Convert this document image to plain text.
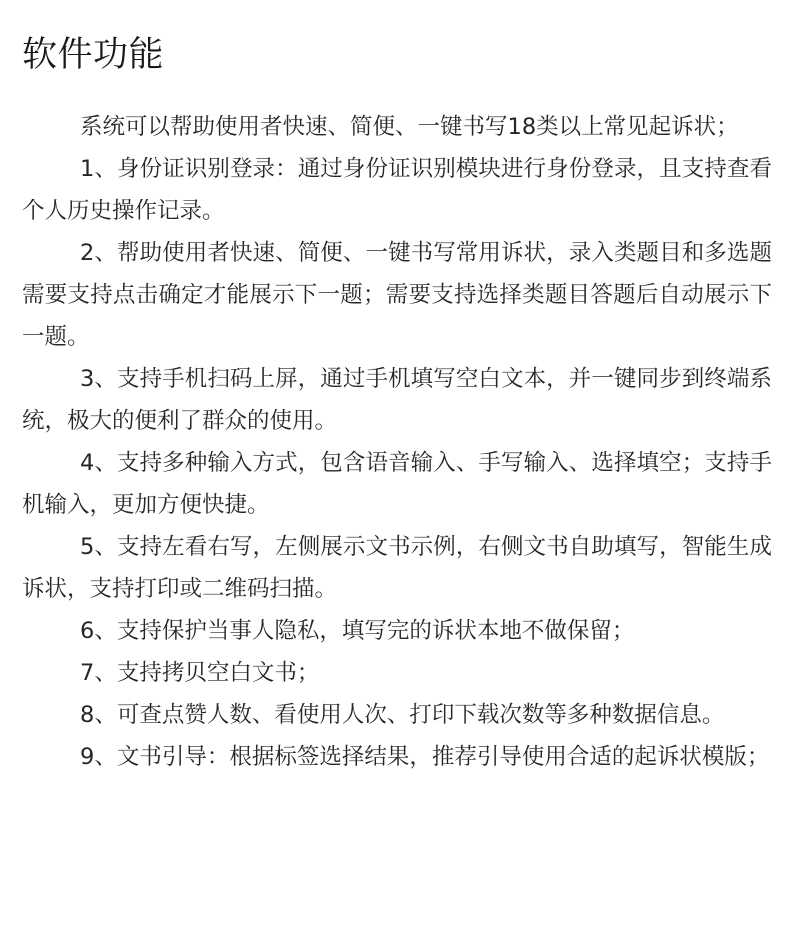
软件功能

系统可以帮助使用者快速、简便、一键书写18类以上常见起诉状；

1、身份证识别登录：通过身份证识别模块进行身份登录，且支持查看个人历史操作记录。

2、帮助使用者快速、简便、一键书写常用诉状，录入类题目和多选题需要支持点击确定才能展示下一题；需要支持选择类题目答题后自动展示下一题。

3、支持手机扫码上屏，通过手机填写空白文本，并一键同步到终端系统，极大的便利了群众的使用。

4、支持多种输入方式，包含语音输入、手写输入、选择填空；支持手机输入，更加方便快捷。

5、支持左看右写，左侧展示文书示例，右侧文书自助填写，智能生成诉状，支持打印或二维码扫描。

6、支持保护当事人隐私，填写完的诉状本地不做保留；

7、支持拷贝空白文书；

8、可查点赞人数、看使用人次、打印下载次数等多种数据信息。

9、文书引导：根据标签选择结果，推荐引导使用合适的起诉状模版；
